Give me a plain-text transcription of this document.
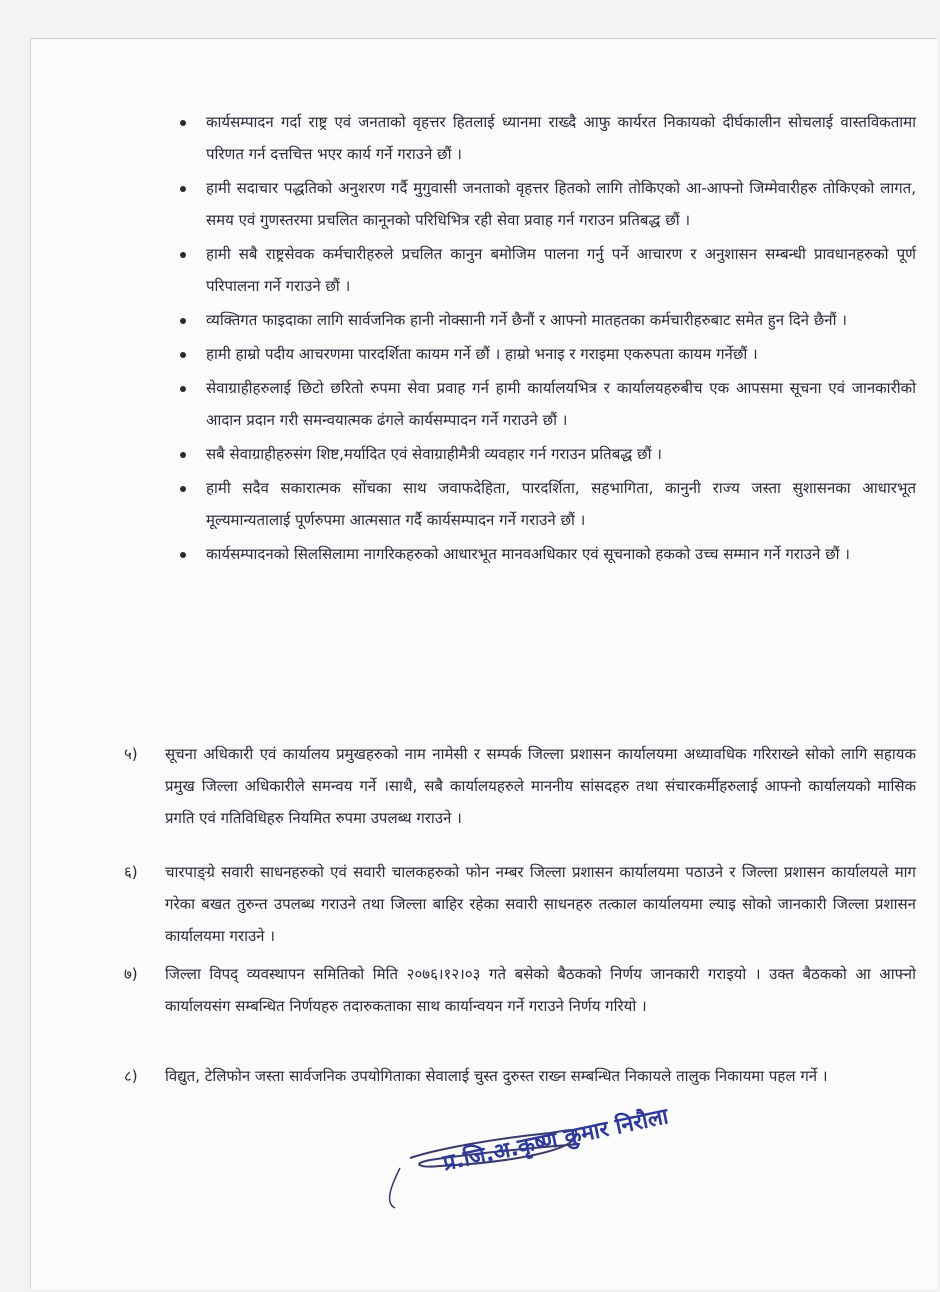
कार्यसम्पादन गर्दा राष्ट्र एवं जनताको वृहत्तर हितलाई ध्यानमा राख्दै आफु कार्यरत निकायको दीर्घकालीन सोचलाई वास्तविकतामा परिणत गर्न दत्तचित्त भएर कार्य गर्ने गराउने छौं ।
हामी सदाचार पद्धतिको अनुशरण गर्दै मुगुवासी जनताको वृहत्तर हितको लागि तोकिएको आ-आफ्नो जिम्मेवारीहरु तोकिएको लागत, समय एवं गुणस्तरमा प्रचलित कानूनको परिधिभित्र रही सेवा प्रवाह गर्न गराउन प्रतिबद्ध छौं ।
हामी सबै राष्ट्रसेवक कर्मचारीहरुले प्रचलित कानुन बमोजिम पालना गर्नु पर्ने आचारण र अनुशासन सम्बन्धी प्रावधानहरुको पूर्ण परिपालना गर्ने गराउने छौं ।
व्यक्तिगत फाइदाका लागि सार्वजनिक हानी नोक्सानी गर्ने छैनौं र आफ्नो मातहतका कर्मचारीहरुबाट समेत हुन दिने छैनौं ।
हामी हाम्रो पदीय आचरणमा पारदर्शिता कायम गर्ने छौं । हाम्रो भनाइ र गराइमा एकरुपता कायम गर्नेछौं ।
सेवाग्राहीहरुलाई छिटो छरितो रुपमा सेवा प्रवाह गर्न हामी कार्यालयभित्र र कार्यालयहरुबीच एक आपसमा सूचना एवं जानकारीको आदान प्रदान गरी समन्वयात्मक ढंगले कार्यसम्पादन गर्ने गराउने छौं ।
सबै सेवाग्राहीहरुसंग शिष्ट,मर्यादित एवं सेवाग्राहीमैत्री व्यवहार गर्न गराउन प्रतिबद्ध छौं ।
हामी सदैव सकारात्मक सोंचका साथ जवाफदेहिता, पारदर्शिता, सहभागिता, कानुनी राज्य जस्ता सुशासनका आधारभूत मूल्यमान्यतालाई पूर्णरुपमा आत्मसात गर्दै कार्यसम्पादन गर्ने गराउने छौं ।
कार्यसम्पादनको सिलसिलामा नागरिकहरुको आधारभूत मानवअधिकार एवं सूचनाको हकको उच्च सम्मान गर्ने गराउने छौं ।
५) सूचना अधिकारी एवं कार्यालय प्रमुखहरुको नाम नामेसी र सम्पर्क जिल्ला प्रशासन कार्यालयमा अध्यावधिक गरिराख्ने सोको लागि सहायक प्रमुख जिल्ला अधिकारीले समन्वय गर्ने ।साथै, सबै कार्यालयहरुले माननीय सांसदहरु तथा संचारकर्मीहरुलाई आफ्नो कार्यालयको मासिक प्रगति एवं गतिविधिहरु नियमित रुपमा उपलब्ध गराउने ।
६) चारपाङ्ग्रे सवारी साधनहरुको एवं सवारी चालकहरुको फोन नम्बर जिल्ला प्रशासन कार्यालयमा पठाउने र जिल्ला प्रशासन कार्यालयले माग गरेका बखत तुरुन्त उपलब्ध गराउने तथा जिल्ला बाहिर रहेका सवारी साधनहरु तत्काल कार्यालयमा ल्याइ सोको जानकारी जिल्ला प्रशासन कार्यालयमा गराउने ।
७) जिल्ला विपद् व्यवस्थापन समितिको मिति २०७६।१२।०३ गते बसेको बैठकको निर्णय जानकारी गराइयो । उक्त बैठकको आ आफ्नो कार्यालयसंग सम्बन्धित निर्णयहरु तदारुकताका साथ कार्यान्वयन गर्ने गराउने निर्णय गरियो ।
८) विद्युत, टेलिफोन जस्ता सार्वजनिक उपयोगिताका सेवालाई चुस्त दुरुस्त राख्न सम्बन्धित निकायले तालुक निकायमा पहल गर्ने ।
प्र.जि.अ.कृष्ण कुमार निरौला
